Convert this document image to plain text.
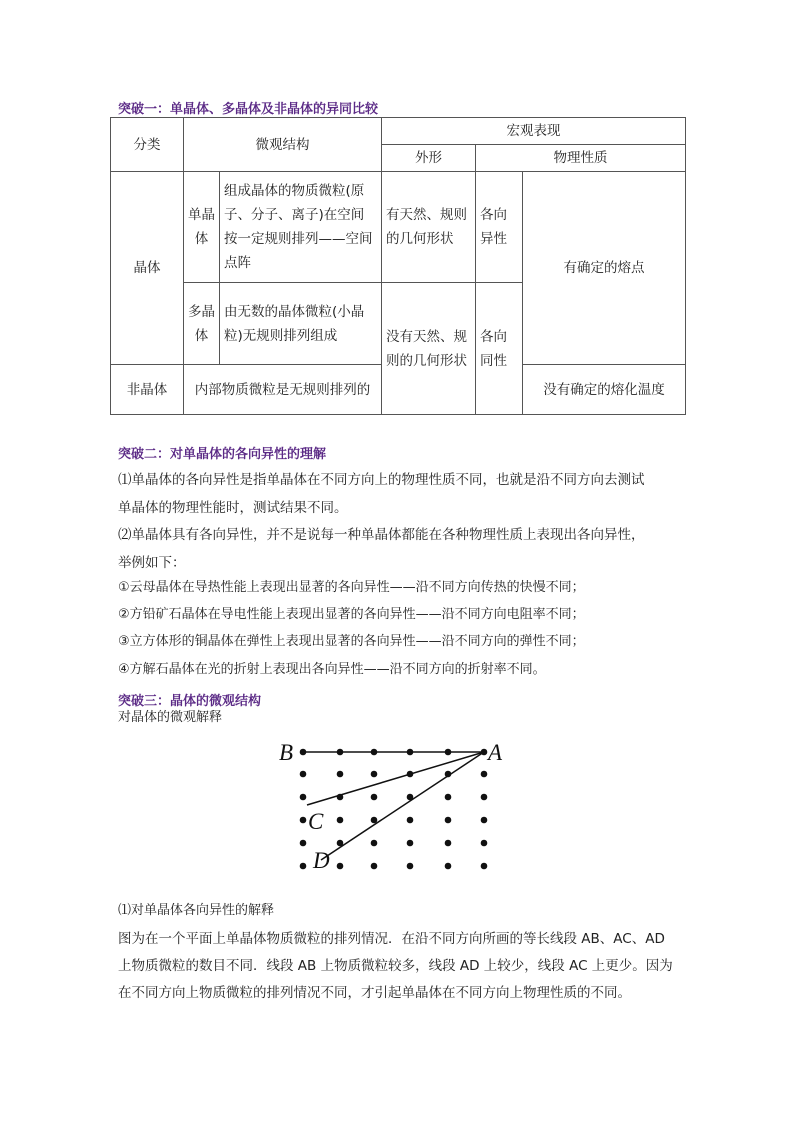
突破一：单晶体、多晶体及非晶体的异同比较
分类	微观结构		宏观表现		
			外形	物理性质	
晶体	单晶体	组成晶体的物质微粒(原子、分子、离子)在空间按一定规则排列——空间点阵	有天然、规则的几何形状	各向异性	有确定的熔点
	多晶体	由无数的晶体微粒(小晶粒)无规则排列组成	没有天然、规则的几何形状	各向同性	
非晶体	内部物质微粒是无规则排列的				没有确定的熔化温度
突破二：对单晶体的各向异性的理解
⑴单晶体的各向异性是指单晶体在不同方向上的物理性质不同，也就是沿不同方向去测试
单晶体的物理性能时，测试结果不同。
⑵单晶体具有各向异性，并不是说每一种单晶体都能在各种物理性质上表现出各向异性，
举例如下：
①云母晶体在导热性能上表现出显著的各向异性——沿不同方向传热的快慢不同；
②方铅矿石晶体在导电性能上表现出显著的各向异性——沿不同方向电阻率不同；
③立方体形的铜晶体在弹性上表现出显著的各向异性——沿不同方向的弹性不同；
④方解石晶体在光的折射上表现出各向异性——沿不同方向的折射率不同。
突破三：晶体的微观结构
对晶体的微观解释
B	A
C
D
⑴对单晶体各向异性的解释
图为在一个平面上单晶体物质微粒的排列情况．在沿不同方向所画的等长线段 AB、AC、AD
上物质微粒的数目不同．线段 AB 上物质微粒较多，线段 AD 上较少，线段 AC 上更少。因为
在不同方向上物质微粒的排列情况不同，才引起单晶体在不同方向上物理性质的不同。
